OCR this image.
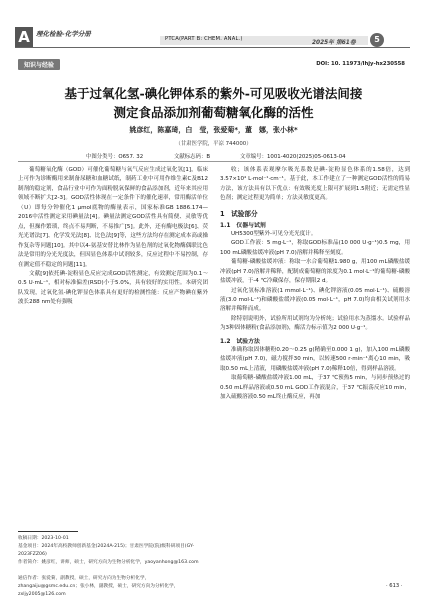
A 理化检验-化学分册
PTCA(PART B: CHEM. ANAL.)
2025年 第61卷	5
知识与经验	DOI: 10. 11973/lhjy-hx230558
基于过氧化氢-碘化钾体系的紫外-可见吸收光谱法间接
测定食品添加剂葡萄糖氧化酶的活性
姚彦红，陈嘉琦，白　莹，张爱菊*，董　娜，张小林*
（甘肃医学院，平凉 744000）
中图分类号：O657. 32	文献标志码：B	文章编号：1001-4020(2025)05-0613-04

葡萄糖氧化酶（GOD）可催化葡萄糖与氧气反应生成过氧化氢[1]，临床上可作为诊断酶用来制备尿糖和血糖试纸，制药工业中可用作维生素C及B12制剂的稳定剂，食品行业中可作为面粉脱氧保鲜的食品添加剂，近年来其应用领域不断扩大[2-3]。GOD活性体现在一定条件下的催化速率，常用酶活单位（U）即每分钟催化1 μmol底物的酶量表示，国家标准GB 1886.174—2016中活性测定采用碘量法[4]。碘量法测定GOD活性具有简便、灵敏等优点，但操作繁琐，终点不易判断，不易推广[5]。此外，还有酶电极法[6]、荧光光谱法[7]、化学发光法[8]、比色法[9]等，这些方法均存在测定成本高或操作复杂等问题[10]。其中以4-氨基安替比林作为显色剂的过氧化物酶偶联比色法是常用的分光光度法，但因显色体系中试剂较多，反应过程中不易控制，存在测定值不稳定的问题[11]。

文献[9]依托碘-淀粉显色反应完成GOD活性测定，有效测定范围为0.1～0.5 U·mL⁻¹，相对标准偏差(RSD)小于5.0%，具有较好的实用性。本研究团队发现，过氧化氢-碘化钾显色体系具有更好的检测性能：反应产物碘在紫外波长288 nm处有强吸

收；该体系表观摩尔吸光系数是碘-淀粉显色体系的1.58倍，达到3.57×10⁴ L·mol⁻¹·cm⁻¹。基于此，本工作建立了一种测定GOD活性的简易方法，该方法具有以下优点：有效吸光度上限可扩展到1.5附近；无需定性显色剂；测定过程更为简单；方法灵敏度更高。

1　试验部分
1.1　仪器与试剂

UH5300型紫外-可见分光光度计。

GOD工作液：5 mg·L⁻¹，称取GOD标准品(10 000 U·g⁻¹)0.5 mg，用100 mL磷酸盐缓冲液(pH 7.0)溶解并稀释至刻度。

葡萄糖-磷酸盐缓冲液：称取一水合葡萄糖1.980 g，用100 mL磷酸盐缓冲液(pH 7.0)溶解并稀释，配制成葡萄糖的浓度为0.1 mol·L⁻¹的葡萄糖-磷酸盐缓冲液，于-4 ℃冷藏保存，保存期限2 d。

过氧化氢标准溶液(1 mmol·L⁻¹)、碘化钾溶液(0.05 mol·L⁻¹)、硫酸溶液(3.0 mol·L⁻¹)和磷酸盐缓冲液(0.05 mol·L⁻¹，pH 7.0)均由相关试剂用水溶解并稀释而成。

除特别说明外，试验所用试剂均为分析纯；试验用水为蒸馏水。试验样品为3种固体糖粉(食品添加剂)，酶活力标示值为2 000 U·g⁻¹。

1.2　试验方法

准确称取固体糖粉0.20～0.25 g(精确至0.000 1 g)，加入100 mL磷酸盐缓冲液(pH 7.0)，磁力搅拌30 min，以转速500 r·min⁻¹离心10 min，吸取0.50 mL上清液，用磷酸盐缓冲液(pH 7.0)稀释10倍，得到样品溶液。

取葡萄糖-磷酸盐缓冲液1.00 mL，于37 ℃预热5 min，与同步预热过的0.50 mL样品溶液或0.50 mL GOD工作液混合，于37 ℃振荡反应10 min，加入硫酸溶液0.50 mL终止酶反应，再加

收稿日期：2023-10-01
基金项目：2024年高校教师创新基金(2024A-215)；甘肃医学院(院)级科研项目(GY-2023FZZ06)
作者简介：姚彦红，讲师，硕士，研究方向为生物分析化学，yaoyanhong@163.com
通信作者：张爱菊，副教授，硕士，研究方向为生物分析化学，zhangaiju@gsmc.edu.cn；张小林，副教授，硕士，研究方向为分析化学，zxljy2005@126.com
· 613 ·
